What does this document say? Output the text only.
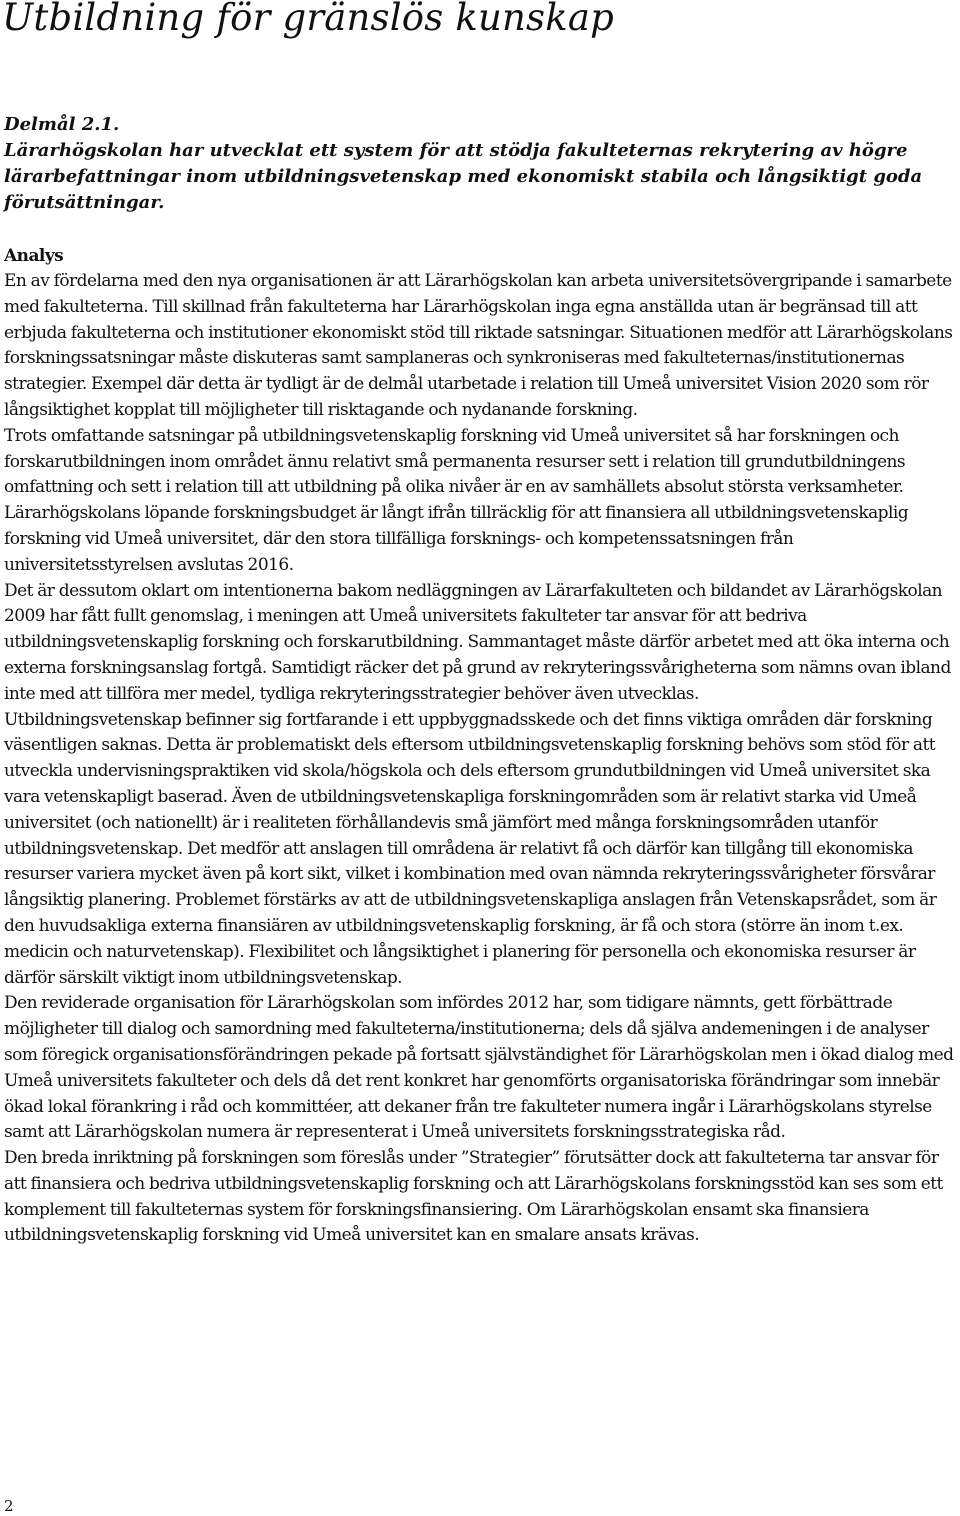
Utbildning för gränslös kunskap
Delmål 2.1.
Lärarhögskolan har utvecklat ett system för att stödja fakulteternas rekrytering av högre lärarbefattningar inom utbildningsvetenskap med ekonomiskt stabila och långsiktigt goda förutsättningar.
Analys

En av fördelarna med den nya organisationen är att Lärarhögskolan kan arbeta universitetsövergripande i samarbete med fakulteterna. Till skillnad från fakulteterna har Lärarhögskolan inga egna anställda utan är begränsad till att erbjuda fakulteterna och institutioner ekonomiskt stöd till riktade satsningar. Situationen medför att Lärarhögskolans forskningssatsningar måste diskuteras samt samplaneras och synkroniseras med fakulteternas/institutionernas strategier. Exempel där detta är tydligt är de delmål utarbetade i relation till Umeå universitet Vision 2020 som rör långsiktighet kopplat till möjligheter till risktagande och nydanande forskning.

Trots omfattande satsningar på utbildningsvetenskaplig forskning vid Umeå universitet så har forskningen och forskarutbildningen inom området ännu relativt små permanenta resurser sett i relation till grundutbildningens omfattning och sett i relation till att utbildning på olika nivåer är en av samhällets absolut största verksamheter. Lärarhögskolans löpande forskningsbudget är långt ifrån tillräcklig för att finansiera all utbildningsvetenskaplig forskning vid Umeå universitet, där den stora tillfälliga forsknings- och kompetenssatsningen från universitetsstyrelsen avslutas 2016.

Det är dessutom oklart om intentionerna bakom nedläggningen av Lärarfakulteten och bildandet av Lärarhögskolan 2009 har fått fullt genomslag, i meningen att Umeå universitets fakulteter tar ansvar för att bedriva utbildningsvetenskaplig forskning och forskarutbildning. Sammantaget måste därför arbetet med att öka interna och externa forskningsanslag fortgå. Samtidigt räcker det på grund av rekryteringssvårigheterna som nämns ovan ibland inte med att tillföra mer medel, tydliga rekryteringsstrategier behöver även utvecklas.

Utbildningsvetenskap befinner sig fortfarande i ett uppbyggnadsskede och det finns viktiga områden där forskning väsentligen saknas. Detta är problematiskt dels eftersom utbildningsvetenskaplig forskning behövs som stöd för att utveckla undervisningspraktiken vid skola/högskola och dels eftersom grundutbildningen vid Umeå universitet ska vara vetenskapligt baserad. Även de utbildningsvetenskapliga forskningområden som är relativt starka vid Umeå universitet (och nationellt) är i realiteten förhållandevis små jämfört med många forskningsområden utanför utbildningsvetenskap. Det medför att anslagen till områdena är relativt få och därför kan tillgång till ekonomiska resurser variera mycket även på kort sikt, vilket i kombination med ovan nämnda rekryteringssvårigheter försvårar långsiktig planering. Problemet förstärks av att de utbildningsvetenskapliga anslagen från Vetenskapsrådet, som är den huvudsakliga externa finansiären av utbildningsvetenskaplig forskning, är få och stora (större än inom t.ex. medicin och naturvetenskap). Flexibilitet och långsiktighet i planering för personella och ekonomiska resurser är därför särskilt viktigt inom utbildningsvetenskap.

Den reviderade organisation för Lärarhögskolan som infördes 2012 har, som tidigare nämnts, gett förbättrade möjligheter till dialog och samordning med fakulteterna/institutionerna; dels då själva andemeningen i de analyser som föregick organisationsförändringen pekade på fortsatt självständighet för Lärarhögskolan men i ökad dialog med Umeå universitets fakulteter och dels då det rent konkret har genomförts organisatoriska förändringar som innebär ökad lokal förankring i råd och kommittéer, att dekaner från tre fakulteter numera ingår i Lärarhögskolans styrelse samt att Lärarhögskolan numera är representerat i Umeå universitets forskningsstrategiska råd.

Den breda inriktning på forskningen som föreslås under ”Strategier” förutsätter dock att fakulteterna tar ansvar för att finansiera och bedriva utbildningsvetenskaplig forskning och att Lärarhögskolans forskningsstöd kan ses som ett komplement till fakulteternas system för forskningsfinansiering. Om Lärarhögskolan ensamt ska finansiera utbildningsvetenskaplig forskning vid Umeå universitet kan en smalare ansats krävas.

2
